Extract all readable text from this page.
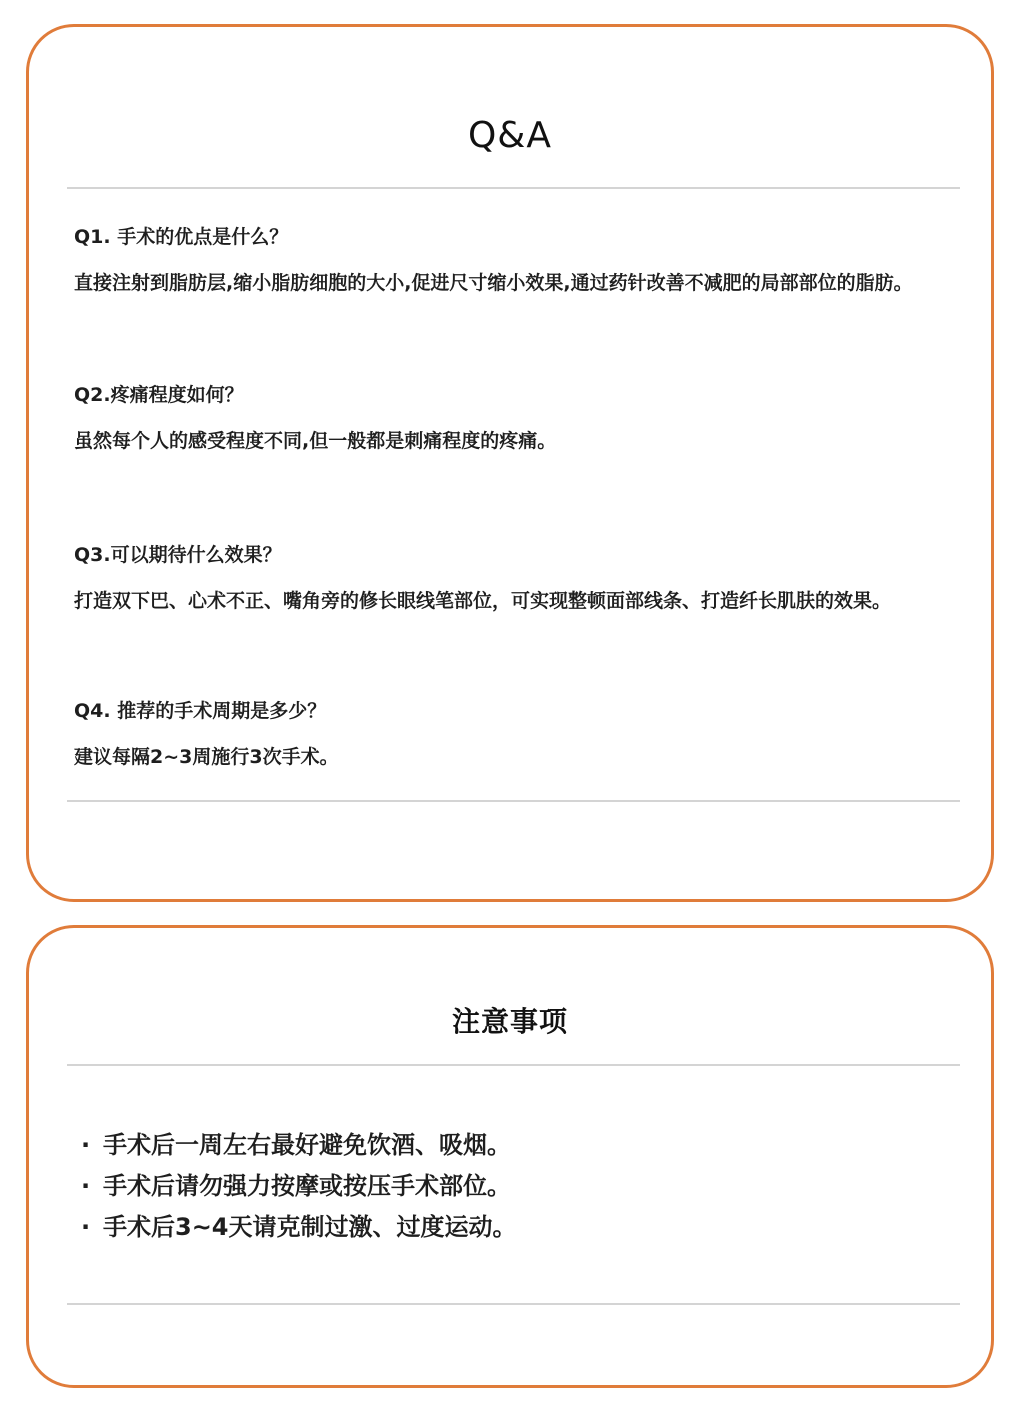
Q&A

Q1. 手术的优点是什么？

直接注射到脂肪层,缩小脂肪细胞的大小,促进尺寸缩小效果,通过药针改善不减肥的局部部位的脂肪。

Q2.疼痛程度如何？

虽然每个人的感受程度不同,但一般都是刺痛程度的疼痛。

Q3.可以期待什么效果？

打造双下巴、心术不正、嘴角旁的修长眼线笔部位，可实现整顿面部线条、打造纤长肌肤的效果。

Q4. 推荐的手术周期是多少？

建议每隔2~3周施行3次手术。

注意事项
· 手术后一周左右最好避免饮酒、吸烟。
· 手术后请勿强力按摩或按压手术部位。
· 手术后3~4天请克制过激、过度运动。
